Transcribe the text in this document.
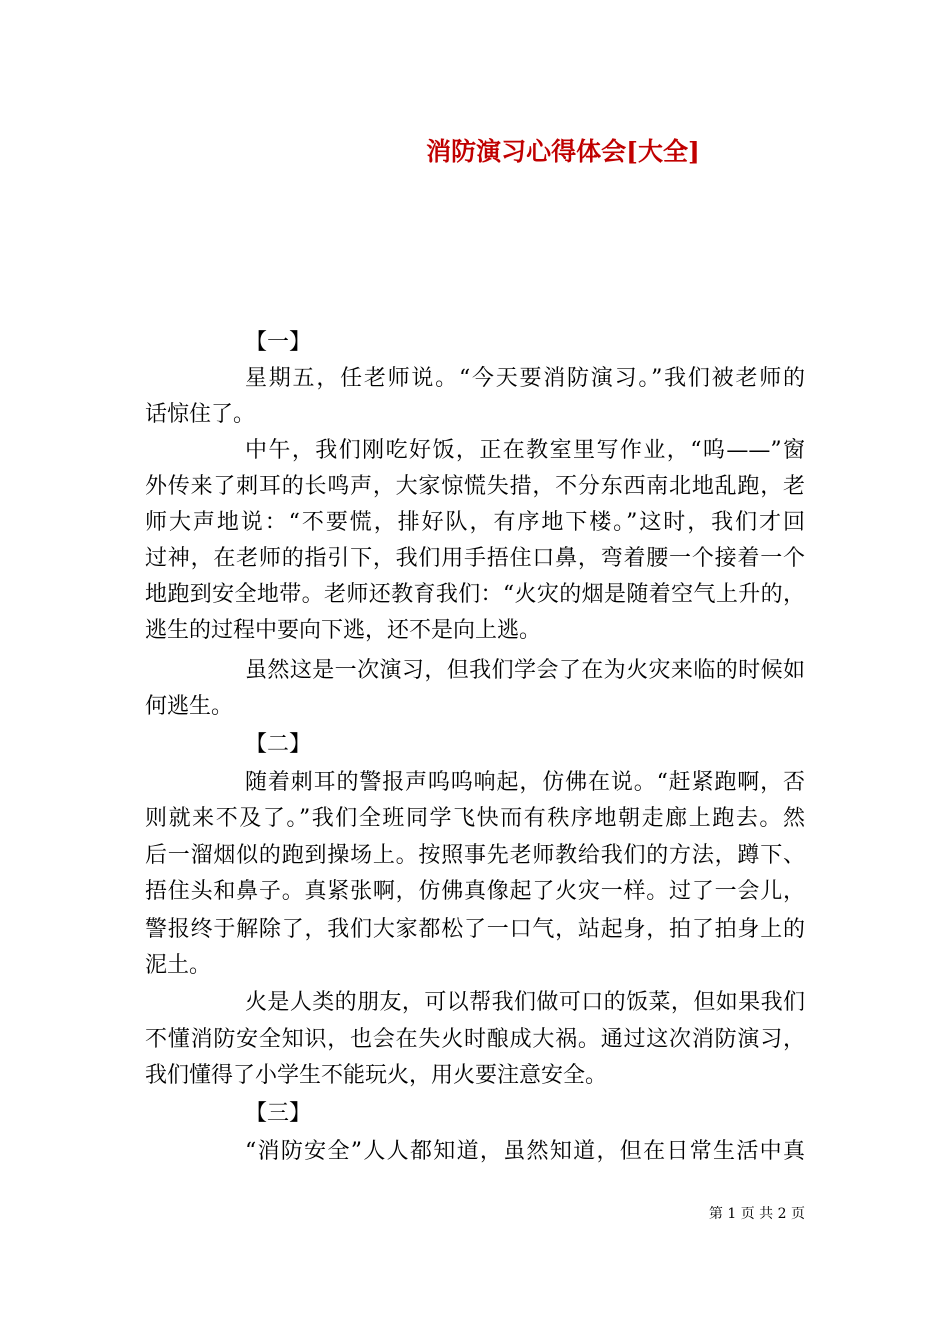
消防演习心得体会[大全]
【一】
星期五，任老师说。“今天要消防演习。”我们被老师的
话惊住了。
中午，我们刚吃好饭，正在教室里写作业，“呜——”窗
外传来了刺耳的长鸣声，大家惊慌失措，不分东西南北地乱跑，老
师大声地说：“不要慌，排好队，有序地下楼。”这时，我们才回
过神，在老师的指引下，我们用手捂住口鼻，弯着腰一个接着一个
地跑到安全地带。老师还教育我们：“火灾的烟是随着空气上升的，
逃生的过程中要向下逃，还不是向上逃。
虽然这是一次演习，但我们学会了在为火灾来临的时候如
何逃生。
【二】
随着刺耳的警报声呜呜响起，仿佛在说。“赶紧跑啊，否
则就来不及了。”我们全班同学飞快而有秩序地朝走廊上跑去。然
后一溜烟似的跑到操场上。按照事先老师教给我们的方法，蹲下、
捂住头和鼻子。真紧张啊，仿佛真像起了火灾一样。过了一会儿，
警报终于解除了，我们大家都松了一口气，站起身，拍了拍身上的
泥土。
火是人类的朋友，可以帮我们做可口的饭菜，但如果我们
不懂消防安全知识，也会在失火时酿成大祸。通过这次消防演习，
我们懂得了小学生不能玩火，用火要注意安全。
【三】
“消防安全”人人都知道，虽然知道，但在日常生活中真
第 1 页 共 2 页
